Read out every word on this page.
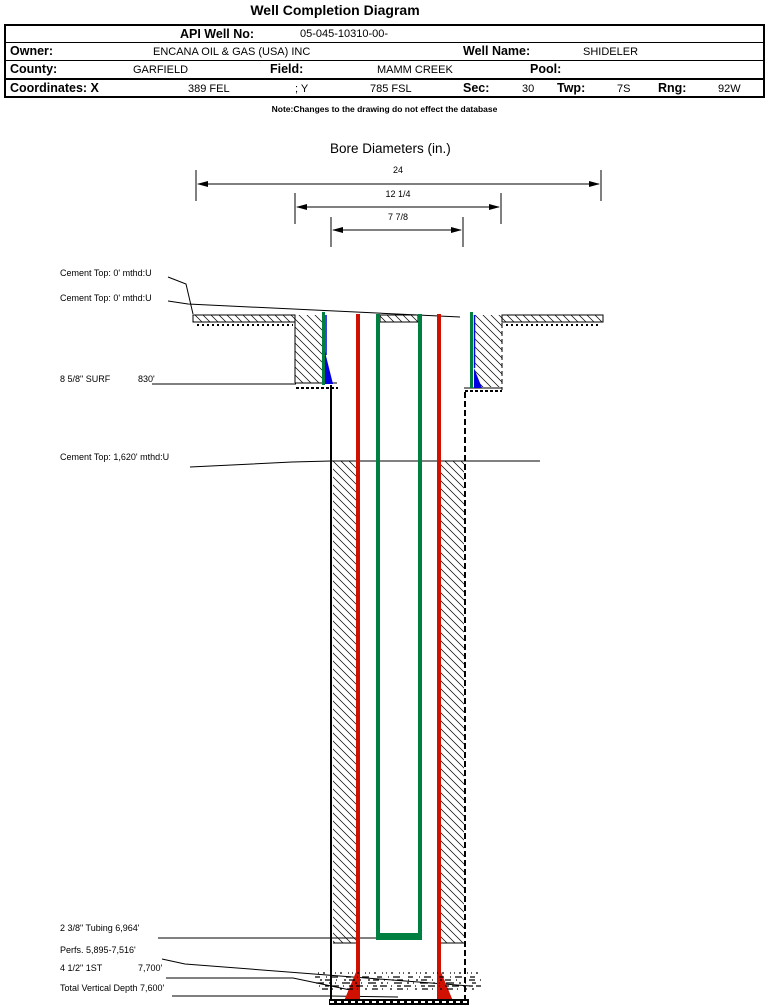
Well Completion Diagram
API Well No:	05-045-10310-00-
Owner:	ENCANA OIL & GAS (USA) INC	Well Name:	SHIDELER
County:	GARFIELD	Field:	MAMM CREEK	Pool:
Coordinates: X	389 FEL	; Y	785 FSL	Sec:	30 Twp:	7S Rng:	92W
Note:Changes to the drawing do not effect the database
Bore Diameters (in.)
24
12 1/4
7 7/8
Cement Top: 0' mthd:U
Cement Top: 0' mthd:U
8 5/8" SURF	830'
Cement Top: 1,620' mthd:U
2 3/8" Tubing 6,964'
Perfs. 5,895-7,516'
4 1/2" 1ST	7,700'
Total Vertical Depth 7,600'
